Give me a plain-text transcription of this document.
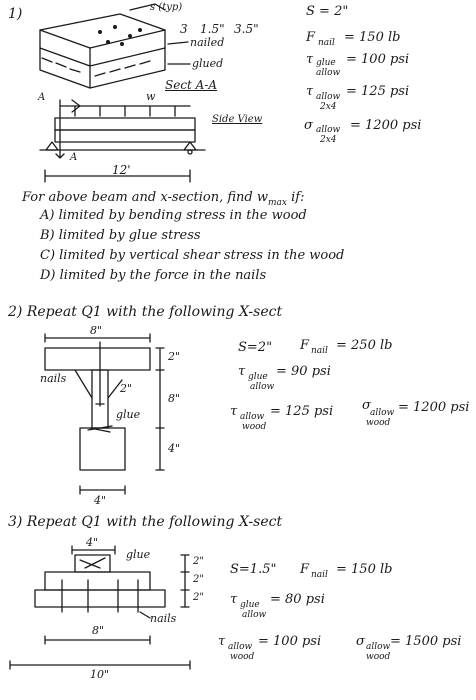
1)	s (typ)
3 1.5" 3.5"
nailed
glued
Sect A-A
A	w
Side View
A
12'
S = 2"
F nail = 150 lb
τ glue
allow
= 100 psi
τ allow
2x4
= 125 psi
σ allow
2x4
= 1200 psi
For above beam and x-section, find $w_{max}$ if:
A) limited by bending stress in the wood
B) limited by glue stress
C) limited by vertical shear stress in the wood
D) limited by the force in the nails
2) Repeat Q1 with the following X-sect
8"
nails
2"
glue
2"
8"
4"
4"
S=2" F nail = 250 lb
τ glue
allow
= 90 psi
τ allow
wood
= 125 psi σ allow
wood
= 1200 psi
3) Repeat Q1 with the following X-sect
4"
glue
2"
2"
2"
nails
8"
10"
S=1.5" F nail = 150 lb
τ glue
allow
= 80 psi
τ allow
wood
= 100 psi	σ allow
wood
= 1500 psi
